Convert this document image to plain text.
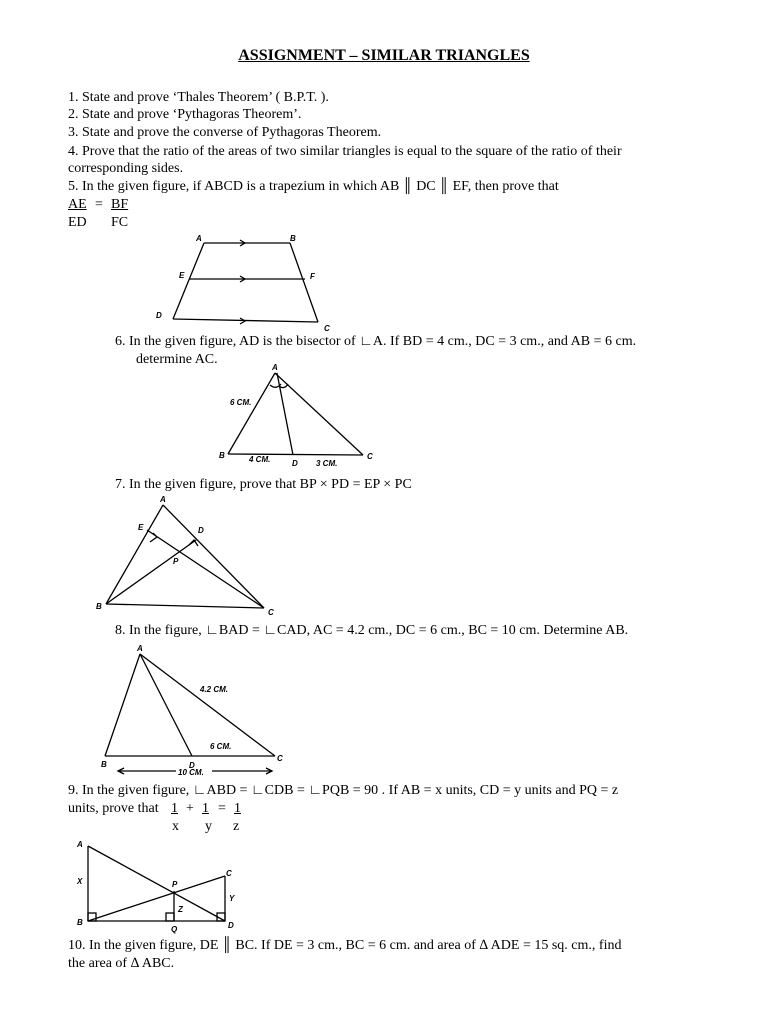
ASSIGNMENT – SIMILAR TRIANGLES
1. State and prove ‘Thales Theorem’ ( B.P.T. ).
2. State and prove ‘Pythagoras Theorem’.
3. State and prove the converse of Pythagoras Theorem.
4. Prove that the ratio of the areas of two similar triangles is equal to the square of the ratio of their
corresponding sides.
5. In the given figure, if ABCD is a trapezium in which AB ║ DC ║ EF, then prove that
AE = BF
ED FC
A	B
E	F
D
C
6. In the given figure, AD is the bisector of ∟A. If BD = 4 cm., DC = 3 cm., and AB = 6 cm.
determine AC.
A
6 CM.
B	4 CM.	D 3 CM.
C
7. In the given figure, prove that BP × PD = EP × PC
A
E	D
P
B
C
8. In the figure, ∟BAD = ∟CAD, AC = 4.2 cm., DC = 6 cm., BC = 10 cm. Determine AB.
A
4.2 CM.
6 CM.
B	D
C
10 CM.
9. In the given figure, ∟ABD = ∟CDB = ∟PQB = 90 . If AB = x units, CD = y units and PQ = z
units, prove that 1 + 1 = 1
x y z
A
X	P
C
Z
Y
B
Q	D
10. In the given figure, DE ║ BC. If DE = 3 cm., BC = 6 cm. and area of ∆ ADE = 15 sq. cm., find
the area of ∆ ABC.
